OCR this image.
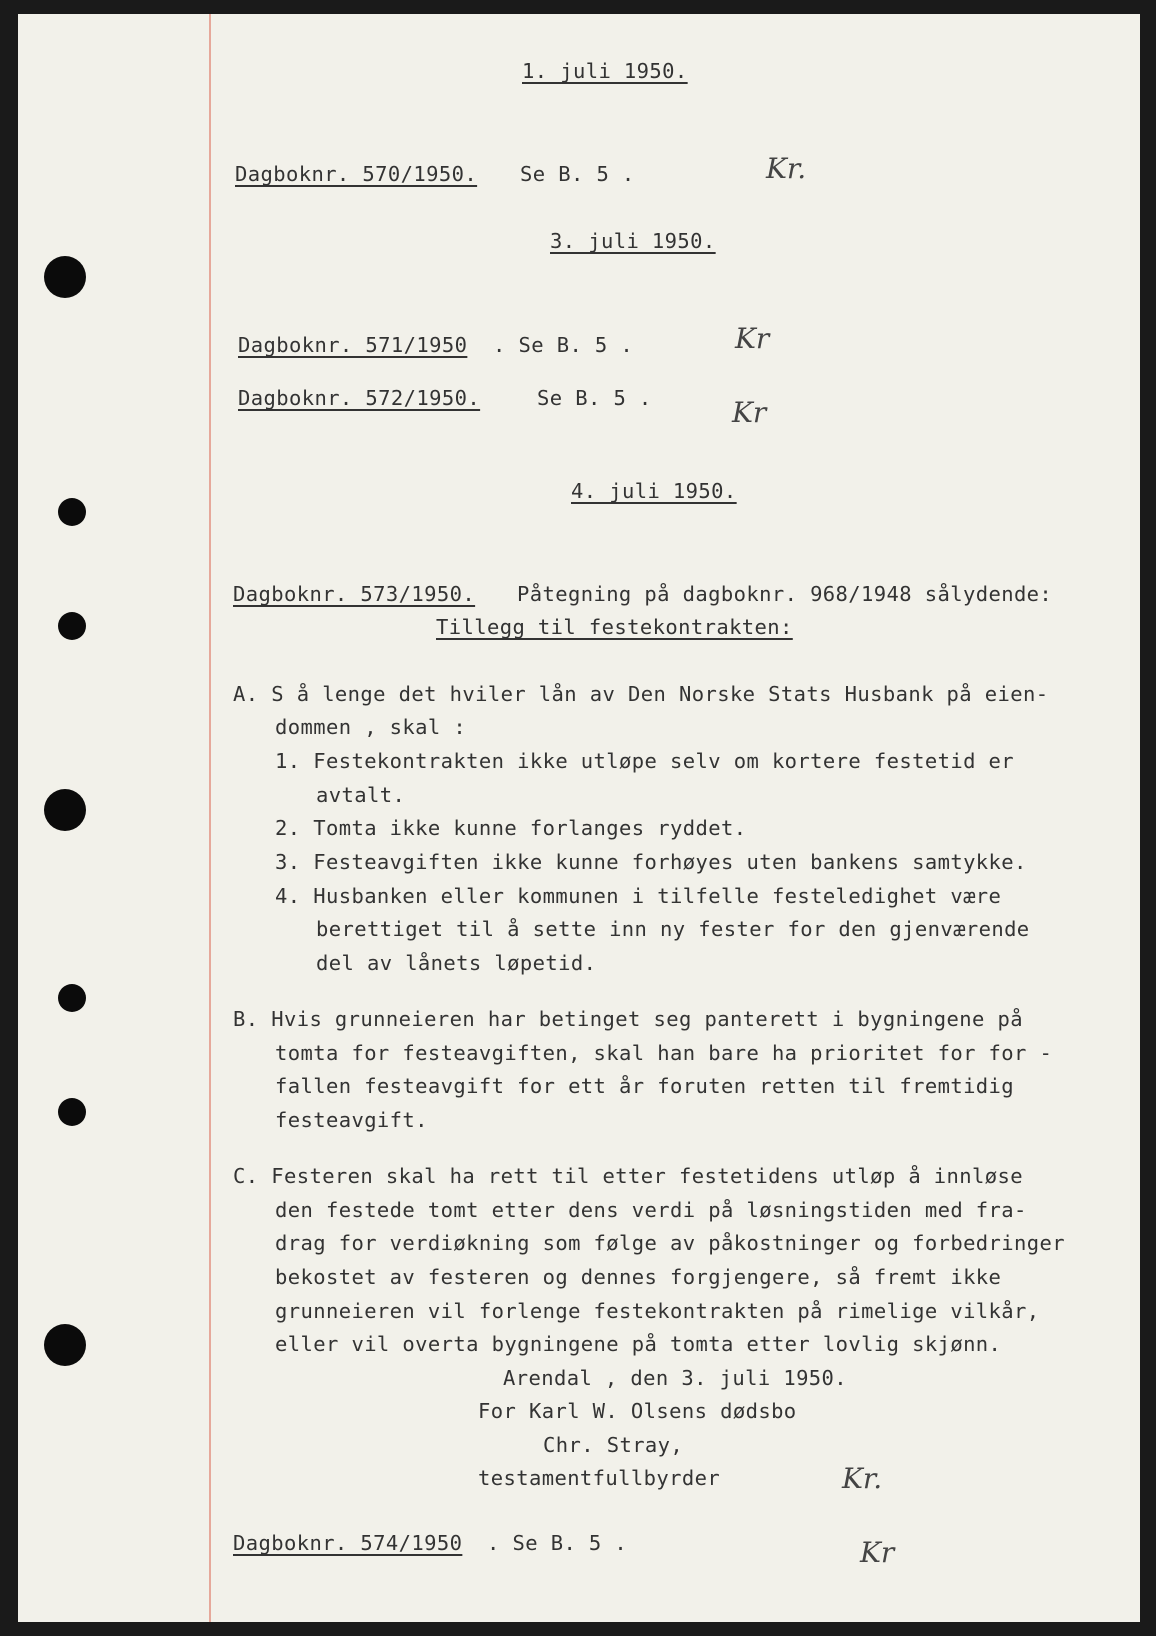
1. juli 1950.
Dagboknr. 570/1950. Se B. 5 .	Kr.
3. juli 1950.
Dagboknr. 571/1950 . Se B. 5 .	Kr
Dagboknr. 572/1950.	Se B. 5 .	Kr
4. juli 1950.
Dagboknr. 573/1950. Påtegning på dagboknr. 968/1948 sålydende:
Tillegg til festekontrakten:
A. S å lenge det hviler lån av Den Norske Stats Husbank på eien-
dommen , skal :
1. Festekontrakten ikke utløpe selv om kortere festetid er
avtalt.
2. Tomta ikke kunne forlanges ryddet.
3. Festeavgiften ikke kunne forhøyes uten bankens samtykke.
4. Husbanken eller kommunen i tilfelle festeledighet være
berettiget til å sette inn ny fester for den gjenværende
del av lånets løpetid.
B. Hvis grunneieren har betinget seg panterett i bygningene på
tomta for festeavgiften, skal han bare ha prioritet for for -
fallen festeavgift for ett år foruten retten til fremtidig
festeavgift.
C. Festeren skal ha rett til etter festetidens utløp å innløse
den festede tomt etter dens verdi på løsningstiden med fra-
drag for verdiøkning som følge av påkostninger og forbedringer
bekostet av festeren og dennes forgjengere, så fremt ikke
grunneieren vil forlenge festekontrakten på rimelige vilkår,
eller vil overta bygningene på tomta etter lovlig skjønn.
Arendal , den 3. juli 1950.
For Karl W. Olsens dødsbo
Chr. Stray,
testamentfullbyrder	Kr.
Dagboknr. 574/1950 . Se B. 5 .	Kr
